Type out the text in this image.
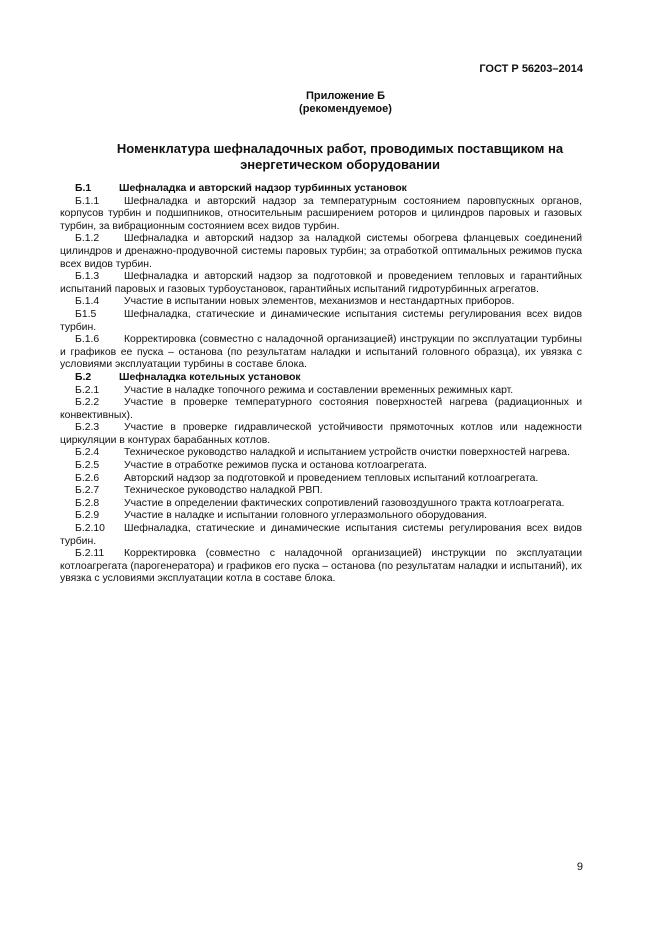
ГОСТ Р 56203–2014
Приложение Б
(рекомендуемое)
Номенклатура шефналадочных работ, проводимых поставщиком на
энергетическом оборудовании

Б.1	Шефналадка и авторский надзор турбинных установок

Б.1.1 Шефналадка и авторский надзор за температурным состоянием паровпускных органов, корпусов турбин и подшипников, относительным расширением роторов и цилиндров паровых и газовых турбин, за вибрационным состоянием всех видов турбин.

Б.1.2 Шефналадка и авторский надзор за наладкой системы обогрева фланцевых соединений цилиндров и дренажно-продувочной системы паровых турбин; за отработкой оптимальных режимов пуска всех видов турбин.

Б.1.3 Шефналадка и авторский надзор за подготовкой и проведением тепловых и гарантийных испытаний паровых и газовых турбоустановок, гарантийных испытаний гидротурбинных агрегатов.

Б.1.4 Участие в испытании новых элементов, механизмов и нестандартных приборов.

Б1.5	Шефналадка, статические и динамические испытания системы регулирования всех видов турбин.

Б.1.6 Корректировка (совместно с наладочной организацией) инструкции по эксплуатации турбины и графиков ее пуска – останова (по результатам наладки и испытаний головного образца), их увязка с условиями эксплуатации турбины в составе блока.

Б.2	Шефналадка котельных установок

Б.2.1 Участие в наладке топочного режима и составлении временных режимных карт.

Б.2.2 Участие в проверке температурного состояния поверхностей нагрева (радиационных и конвективных).

Б.2.3 Участие в проверке гидравлической устойчивости прямоточных котлов или надежности циркуляции в контурах барабанных котлов.

Б.2.4 Техническое руководство наладкой и испытанием устройств очистки поверхностей нагрева.

Б.2.5 Участие в отработке режимов пуска и останова котлоагрегата.

Б.2.6 Авторский надзор за подготовкой и проведением тепловых испытаний котлоагрегата.

Б.2.7 Техническое руководство наладкой РВП.

Б.2.8 Участие в определении фактических сопротивлений газовоздушного тракта котлоагрегата.

Б.2.9 Участие в наладке и испытании головного углеразмольного оборудования.

Б.2.10 Шефналадка, статические и динамические испытания системы регулирования всех видов турбин.

Б.2.11 Корректировка (совместно с наладочной организацией) инструкции по эксплуатации котлоагрегата (парогенератора) и графиков его пуска – останова (по результатам наладки и испытаний), их увязка с условиями эксплуатации котла в составе блока.

9
